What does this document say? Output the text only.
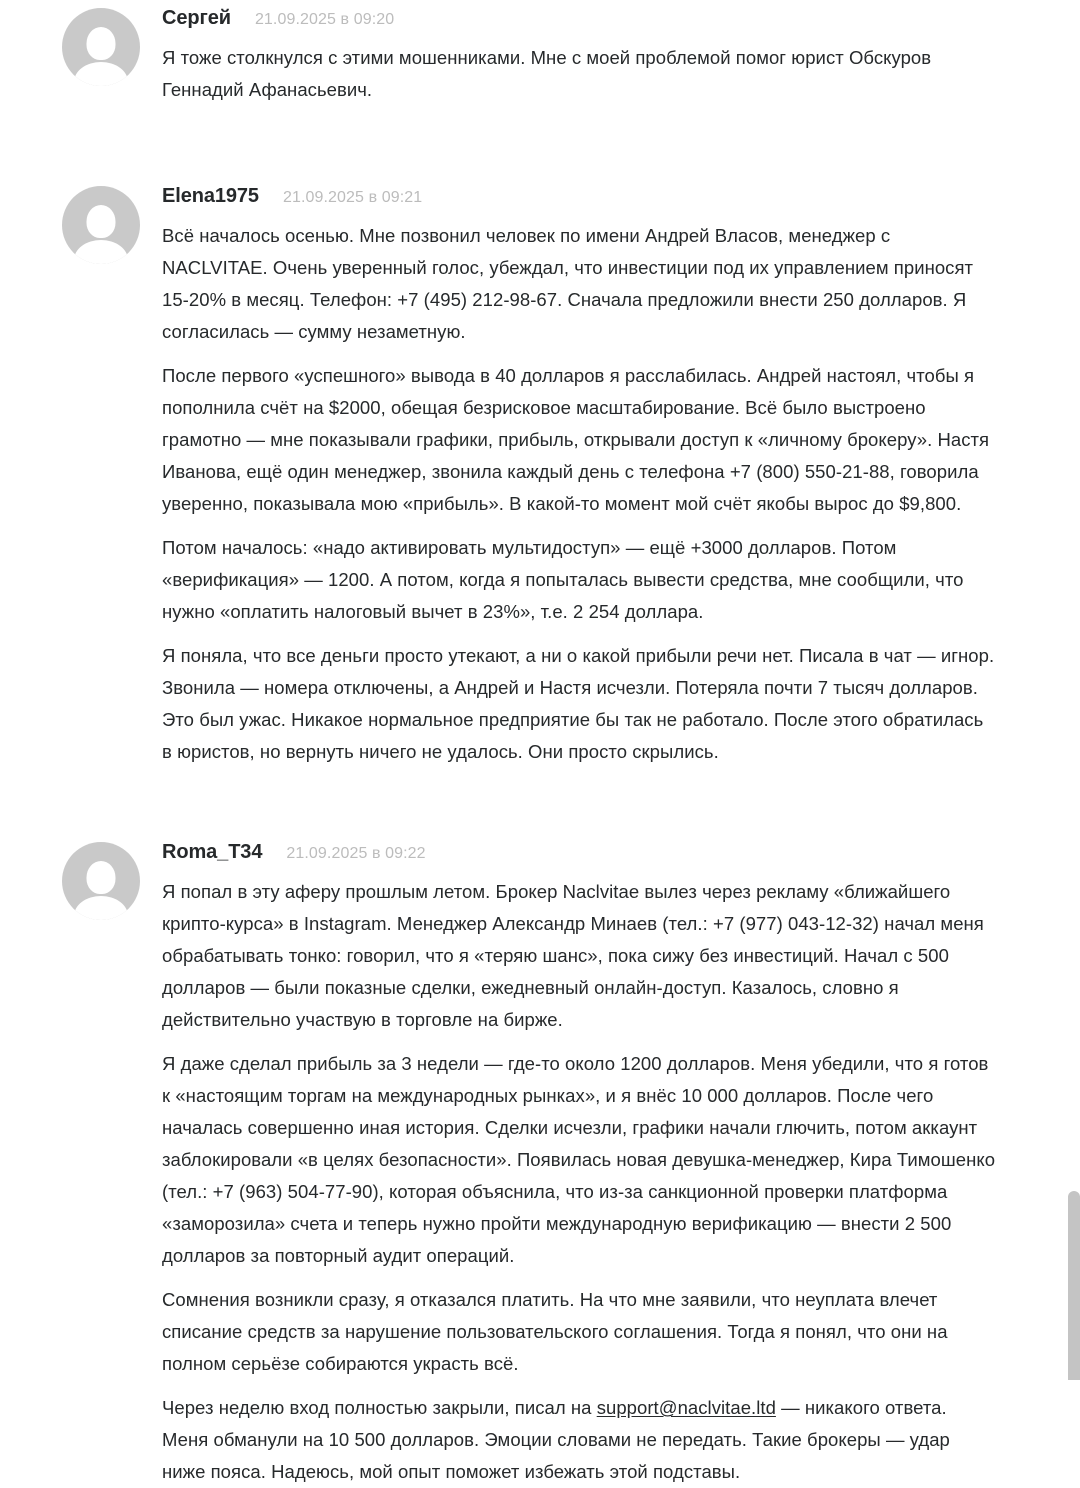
Сергей 21.09.2025 в 09:20

Я тоже столкнулся с этими мошенниками. Мне с моей проблемой помог юрист Обскуров Геннадий Афанасьевич.

Elena1975 21.09.2025 в 09:21

Всё началось осенью. Мне позвонил человек по имени Андрей Власов, менеджер с NACLVITAE. Очень уверенный голос, убеждал, что инвестиции под их управлением приносят 15-20% в месяц. Телефон: +7 (495) 212-98-67. Сначала предложили внести 250 долларов. Я согласилась — сумму незаметную.

После первого «успешного» вывода в 40 долларов я расслабилась. Андрей настоял, чтобы я пополнила счёт на $2000, обещая безрисковое масштабирование. Всё было выстроено грамотно — мне показывали графики, прибыль, открывали доступ к «личному брокеру». Настя Иванова, ещё один менеджер, звонила каждый день с телефона +7 (800) 550-21-88, говорила уверенно, показывала мою «прибыль». В какой-то момент мой счёт якобы вырос до $9,800.

Потом началось: «надо активировать мультидоступ» — ещё +3000 долларов. Потом «верификация» — 1200. А потом, когда я попыталась вывести средства, мне сообщили, что нужно «оплатить налоговый вычет в 23%», т.е. 2 254 доллара.

Я поняла, что все деньги просто утекают, а ни о какой прибыли речи нет. Писала в чат — игнор. Звонила — номера отключены, а Андрей и Настя исчезли. Потеряла почти 7 тысяч долларов. Это был ужас. Никакое нормальное предприятие бы так не работало. После этого обратилась в юристов, но вернуть ничего не удалось. Они просто скрылись.

Roma_T34 21.09.2025 в 09:22

Я попал в эту аферу прошлым летом. Брокер Naclvitae вылез через рекламу «ближайшего крипто-курса» в Instagram. Менеджер Александр Минаев (тел.: +7 (977) 043-12-32) начал меня обрабатывать тонко: говорил, что я «теряю шанс», пока сижу без инвестиций. Начал с 500 долларов — были показные сделки, ежедневный онлайн-доступ. Казалось, словно я действительно участвую в торговле на бирже.

Я даже сделал прибыль за 3 недели — где-то около 1200 долларов. Меня убедили, что я готов к «настоящим торгам на международных рынках», и я внёс 10 000 долларов. После чего началась совершенно иная история. Сделки исчезли, графики начали глючить, потом аккаунт заблокировали «в целях безопасности». Появилась новая девушка-менеджер, Кира Тимошенко (тел.: +7 (963) 504-77-90), которая объяснила, что из-за санкционной проверки платформа «заморозила» счета и теперь нужно пройти международную верификацию — внести 2 500 долларов за повторный аудит операций.

Сомнения возникли сразу, я отказался платить. На что мне заявили, что неуплата влечет списание средств за нарушение пользовательского соглашения. Тогда я понял, что они на полном серьёзе собираются украсть всё.

Через неделю вход полностью закрыли, писал на support@naclvitae.ltd — никакого ответа. Меня обманули на 10 500 долларов. Эмоции словами не передать. Такие брокеры — удар ниже пояса. Надеюсь, мой опыт поможет избежать этой подставы.
